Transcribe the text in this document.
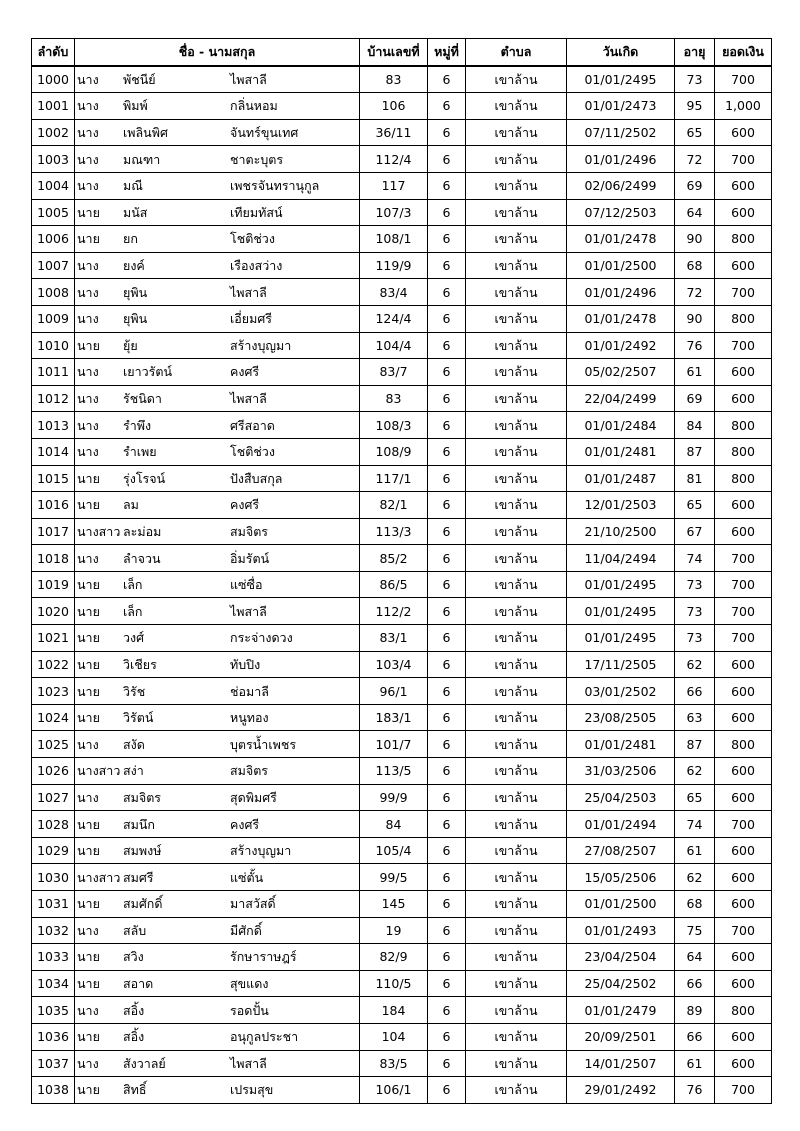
ลำดับ	ชื่อ - นามสกุล	บ้านเลขที่	หมู่ที่	ตำบล	วันเกิด	อายุ	ยอดเงิน
1000	นาง พัชนีย์ ไพสาลี	83	6	เขาล้าน	01/01/2495	73	700
1001	นาง พิมพ์ กลิ่นหอม	106	6	เขาล้าน	01/01/2473	95	1,000
1002	นาง เพลินพิศ จันทร์ขุนเทศ	36/11	6	เขาล้าน	07/11/2502	65	600
1003	นาง มณฑา ชาตะบุตร	112/4	6	เขาล้าน	01/01/2496	72	700
1004	นาง มณี เพชรจันทรานุกูล	117	6	เขาล้าน	02/06/2499	69	600
1005	นาย มนัส เทียมทัสน์	107/3	6	เขาล้าน	07/12/2503	64	600
1006	นาย ยก โชติช่วง	108/1	6	เขาล้าน	01/01/2478	90	800
1007	นาง ยงค์ เรืองสว่าง	119/9	6	เขาล้าน	01/01/2500	68	600
1008	นาง ยุพิน ไพสาลี	83/4	6	เขาล้าน	01/01/2496	72	700
1009	นาง ยุพิน เอี่ยมศรี	124/4	6	เขาล้าน	01/01/2478	90	800
1010	นาย ยุ้ย สร้างบุญมา	104/4	6	เขาล้าน	01/01/2492	76	700
1011	นาง เยาวรัตน์ คงศรี	83/7	6	เขาล้าน	05/02/2507	61	600
1012	นาง รัชนิดา ไพสาลี	83	6	เขาล้าน	22/04/2499	69	600
1013	นาง รำพึง ศรีสอาด	108/3	6	เขาล้าน	01/01/2484	84	800
1014	นาง รำเพย โชติช่วง	108/9	6	เขาล้าน	01/01/2481	87	800
1015	นาย รุ่งโรจน์ ปังสืบสกุล	117/1	6	เขาล้าน	01/01/2487	81	800
1016	นาย ลม คงศรี	82/1	6	เขาล้าน	12/01/2503	65	600
1017	นางสาว ละม่อม สมจิตร	113/3	6	เขาล้าน	21/10/2500	67	600
1018	นาง ลำจวน อิ่มรัตน์	85/2	6	เขาล้าน	11/04/2494	74	700
1019	นาย เล็ก แซ่ซื่อ	86/5	6	เขาล้าน	01/01/2495	73	700
1020	นาย เล็ก ไพสาลี	112/2	6	เขาล้าน	01/01/2495	73	700
1021	นาย วงศ์ กระจ่างดวง	83/1	6	เขาล้าน	01/01/2495	73	700
1022	นาย วิเชียร ทับปิง	103/4	6	เขาล้าน	17/11/2505	62	600
1023	นาย วิรัช ช่อมาลี	96/1	6	เขาล้าน	03/01/2502	66	600
1024	นาย วิรัตน์ หนูทอง	183/1	6	เขาล้าน	23/08/2505	63	600
1025	นาง สงัด บุตรน้ำเพชร	101/7	6	เขาล้าน	01/01/2481	87	800
1026	นางสาว สง่า สมจิตร	113/5	6	เขาล้าน	31/03/2506	62	600
1027	นาง สมจิตร สุดพิมศรี	99/9	6	เขาล้าน	25/04/2503	65	600
1028	นาย สมนึก คงศรี	84	6	เขาล้าน	01/01/2494	74	700
1029	นาย สมพงษ์ สร้างบุญมา	105/4	6	เขาล้าน	27/08/2507	61	600
1030	นางสาว สมศรี แซ่ตั้น	99/5	6	เขาล้าน	15/05/2506	62	600
1031	นาย สมศักดิ์ มาสวัสดิ์	145	6	เขาล้าน	01/01/2500	68	600
1032	นาง สลับ มีศักดิ์	19	6	เขาล้าน	01/01/2493	75	700
1033	นาย สวิง รักษาราษฎร์	82/9	6	เขาล้าน	23/04/2504	64	600
1034	นาย สอาด สุขแดง	110/5	6	เขาล้าน	25/04/2502	66	600
1035	นาง สอิ้ง รอดปั้น	184	6	เขาล้าน	01/01/2479	89	800
1036	นาย สอิ้ง อนุกูลประชา	104	6	เขาล้าน	20/09/2501	66	600
1037	นาง สังวาลย์ ไพสาลี	83/5	6	เขาล้าน	14/01/2507	61	600
1038	นาย สิทธิ์ เปรมสุข	106/1	6	เขาล้าน	29/01/2492	76	700
